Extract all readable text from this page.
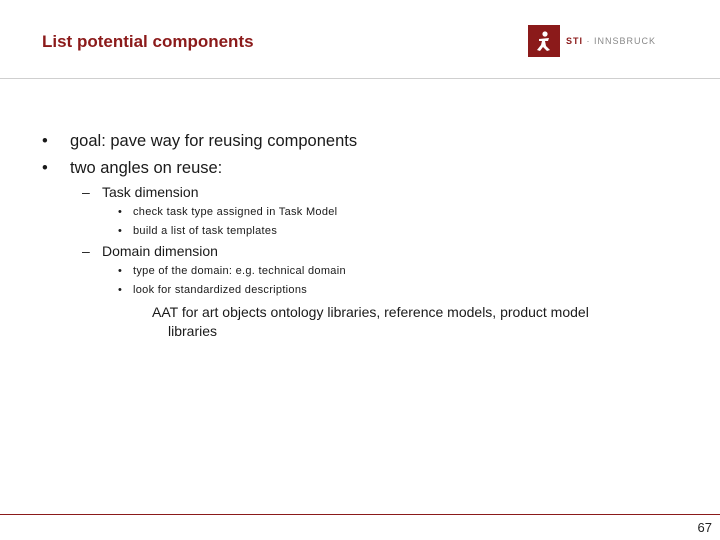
List potential components	STI · INNSBRUCK
• goal: pave way for reusing components
• two angles on reuse:
– Task dimension
• check task type assigned in Task Model
• build a list of task templates
– Domain dimension
• type of the domain: e.g. technical domain
• look for standardized descriptions
AAT for art objects ontology libraries, reference models, product model
libraries
67
